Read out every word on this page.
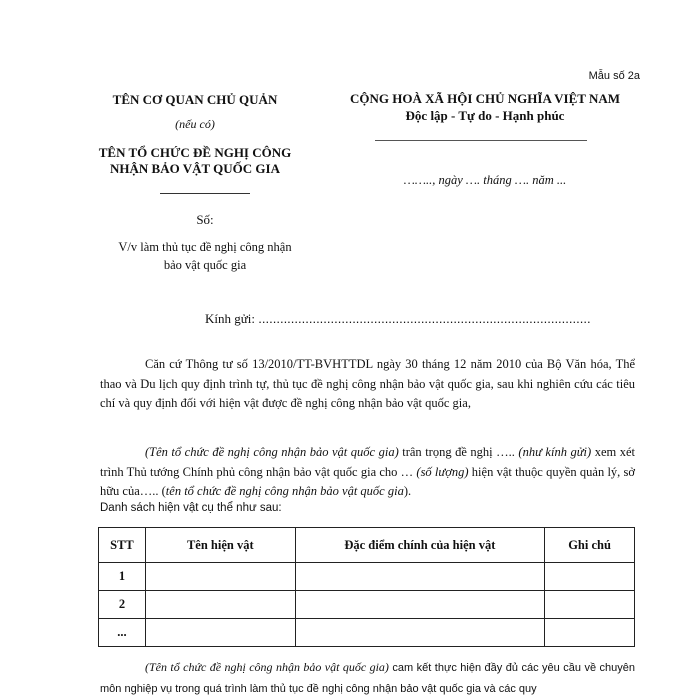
Mẫu số 2a
TÊN CƠ QUAN CHỦ QUẢN
(nếu có)
TÊN TỔ CHỨC ĐỀ NGHỊ CÔNG
NHẬN BẢO VẬT QUỐC GIA
Số:
V/v làm thủ tục đề nghị công nhận
bảo vật quốc gia
CỘNG HOÀ XÃ HỘI CHỦ NGHĨA VIỆT NAM
Độc lập - Tự do - Hạnh phúc
…….., ngày …. tháng …. năm ...
Kính gửi: ............................................................................................
Căn cứ Thông tư số 13/2010/TT-BVHTTDL ngày 30 tháng 12 năm 2010 của Bộ Văn hóa, Thể thao và Du lịch quy định trình tự, thủ tục đề nghị công nhận bảo vật quốc gia, sau khi nghiên cứu các tiêu chí và quy định đối với hiện vật được đề nghị công nhận bảo vật quốc gia,
(Tên tổ chức đề nghị công nhận bảo vật quốc gia) trân trọng đề nghị ….. (như kính gửi) xem xét trình Thủ tướng Chính phủ công nhận bảo vật quốc gia cho … (số lượng) hiện vật thuộc quyền quản lý, sở hữu của….. (tên tổ chức đề nghị công nhận bảo vật quốc gia).
Danh sách hiện vật cụ thể như sau:
STT	Tên hiện vật	Đặc điểm chính của hiện vật	Ghi chú
1			
2			
...			
(Tên tổ chức đề nghị công nhận bảo vật quốc gia) cam kết thực hiện đầy đủ các yêu cầu về chuyên môn nghiệp vụ trong quá trình làm thủ tục đề nghị công nhận bảo vật quốc gia và các quy
